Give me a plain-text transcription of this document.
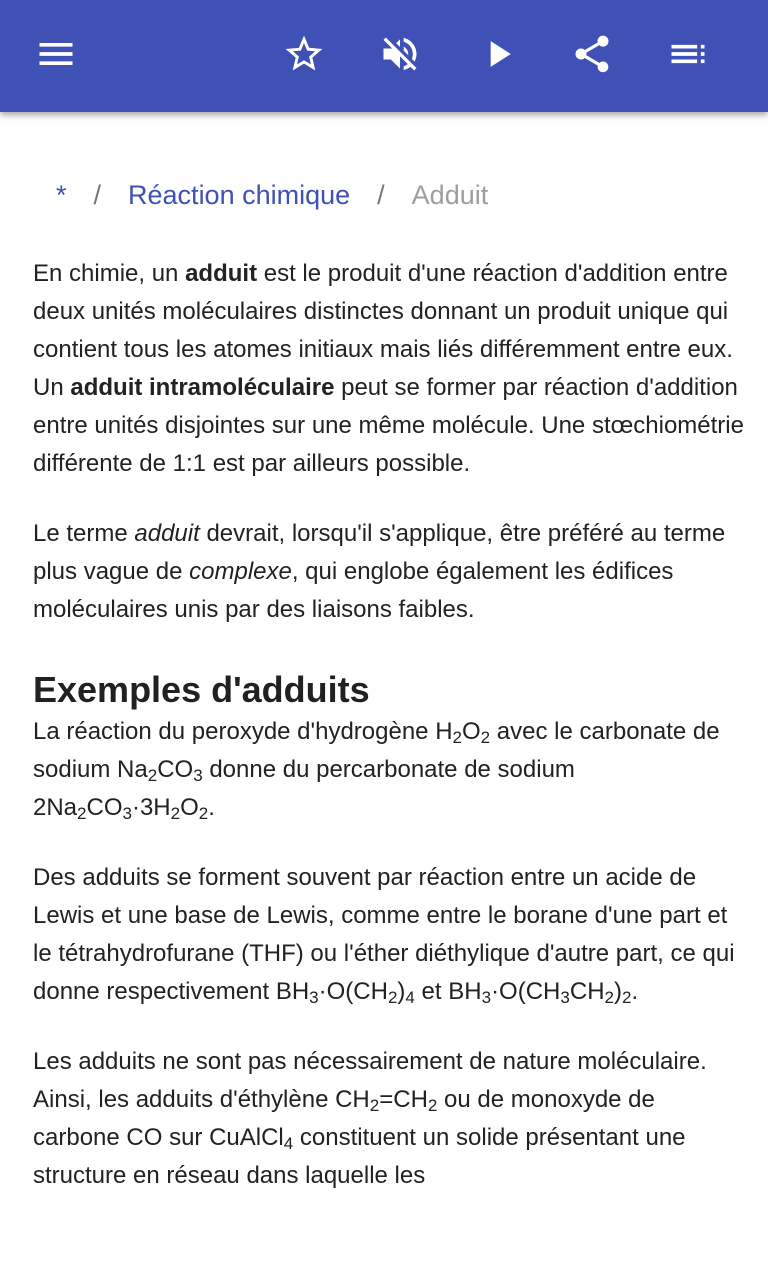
* / Réaction chimique / Adduit

En chimie, un adduit est le produit d'une réaction d'addition entre deux unités moléculaires distinctes donnant un produit unique qui contient tous les atomes initiaux mais liés différemment entre eux. Un adduit intramoléculaire peut se former par réaction d'addition entre unités disjointes sur une même molécule. Une stœchiométrie différente de 1:1 est par ailleurs possible.

Le terme adduit devrait, lorsqu'il s'applique, être préféré au terme plus vague de complexe, qui englobe également les édifices moléculaires unis par des liaisons faibles.

Exemples d'adduits

La réaction du peroxyde d'hydrogène $H_2O_2$ avec le carbonate de sodium $Na_2CO_3$ donne du percarbonate de sodium $2Na_2CO_3\cdot 3H_2O_2$.

Des adduits se forment souvent par réaction entre un acide de Lewis et une base de Lewis, comme entre le borane d'une part et le tétrahydrofurane (THF) ou l'éther diéthylique d'autre part, ce qui donne respectivement $BH_3\cdot O(CH_2)_4$ et $BH_3\cdot O(CH_3CH_2)_2$.

Les adduits ne sont pas nécessairement de nature moléculaire. Ainsi, les adduits d'éthylène $CH_2=CH_2$ ou de monoxyde de carbone CO sur CuAlCl$_4$ constituent un solide présentant une structure en réseau dans laquelle les
